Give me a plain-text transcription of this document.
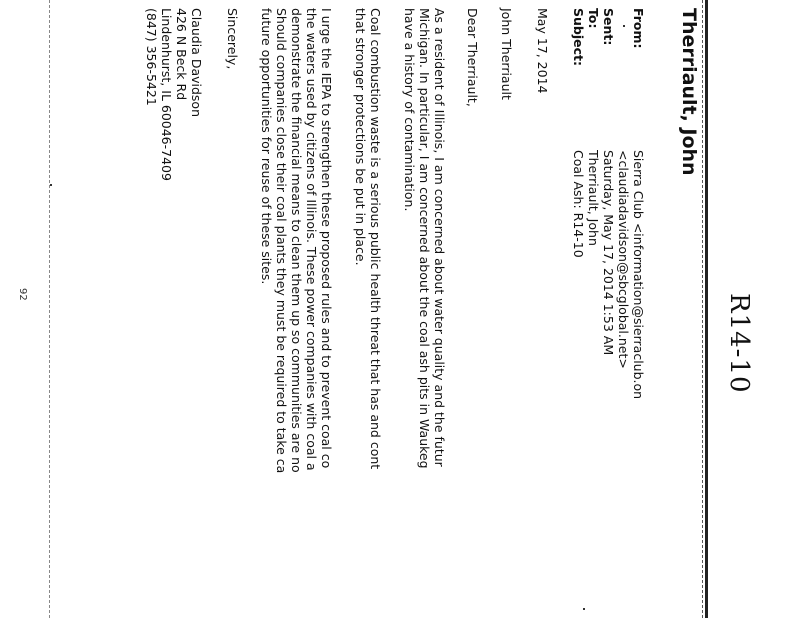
R14-10
Therriault, John
From:
Sierra Club <information@sierraclub.on
<claudiadavidson@sbcglobal.net>
Sent:
Saturday, May 17, 2014 1:53 AM
To:
Therriault, John
Subject:
Coal Ash: R14-10
May 17, 2014
John Therriault
Dear Therriault,
As a resident of Illinois, I am concerned about water quality and the futur
Michigan. In particular, I am concerned about the coal ash pits in Waukeg
have a history of contamination.
Coal combustion waste is a serious public health threat that has and cont
that stronger protections be put in place.
I urge the IEPA to strengthen these proposed rules and to prevent coal co
the waters used by citizens of Illinois. These power companies with coal a
demonstrate the financial means to clean them up so communities are no
Should companies close their coal plants they must be required to take ca
future opportunities for reuse of these sites.
Sincerely,
Claudia Davidson
426 N Beck Rd
Lindenhurst, IL 60046-7409
(847) 356-5421
92
